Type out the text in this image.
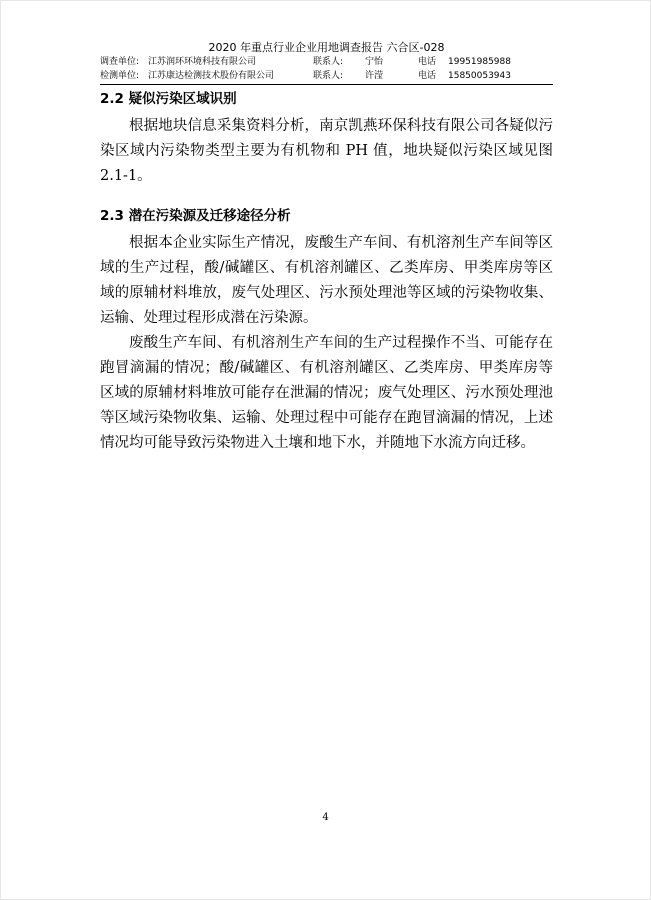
2020 年重点行业企业用地调查报告 六合区-028
调查单位: 江苏润环环境科技有限公司	联系人: 宁怡	电话 19951985988
检测单位: 江苏康达检测技术股份有限公司	联系人: 许滢	电话 15850053943
2.2 疑似污染区域识别

根据地块信息采集资料分析，南京凯燕环保科技有限公司各疑似污染区域内污染物类型主要为有机物和 PH 值，地块疑似污染区域见图 2.1-1。

2.3 潜在污染源及迁移途径分析

根据本企业实际生产情况，废酸生产车间、有机溶剂生产车间等区域的生产过程，酸/碱罐区、有机溶剂罐区、乙类库房、甲类库房等区域的原辅材料堆放，废气处理区、污水预处理池等区域的污染物收集、运输、处理过程形成潜在污染源。

废酸生产车间、有机溶剂生产车间的生产过程操作不当、可能存在跑冒滴漏的情况；酸/碱罐区、有机溶剂罐区、乙类库房、甲类库房等区域的原辅材料堆放可能存在泄漏的情况；废气处理区、污水预处理池等区域污染物收集、运输、处理过程中可能存在跑冒滴漏的情况，上述情况均可能导致污染物进入土壤和地下水，并随地下水流方向迁移。

4
